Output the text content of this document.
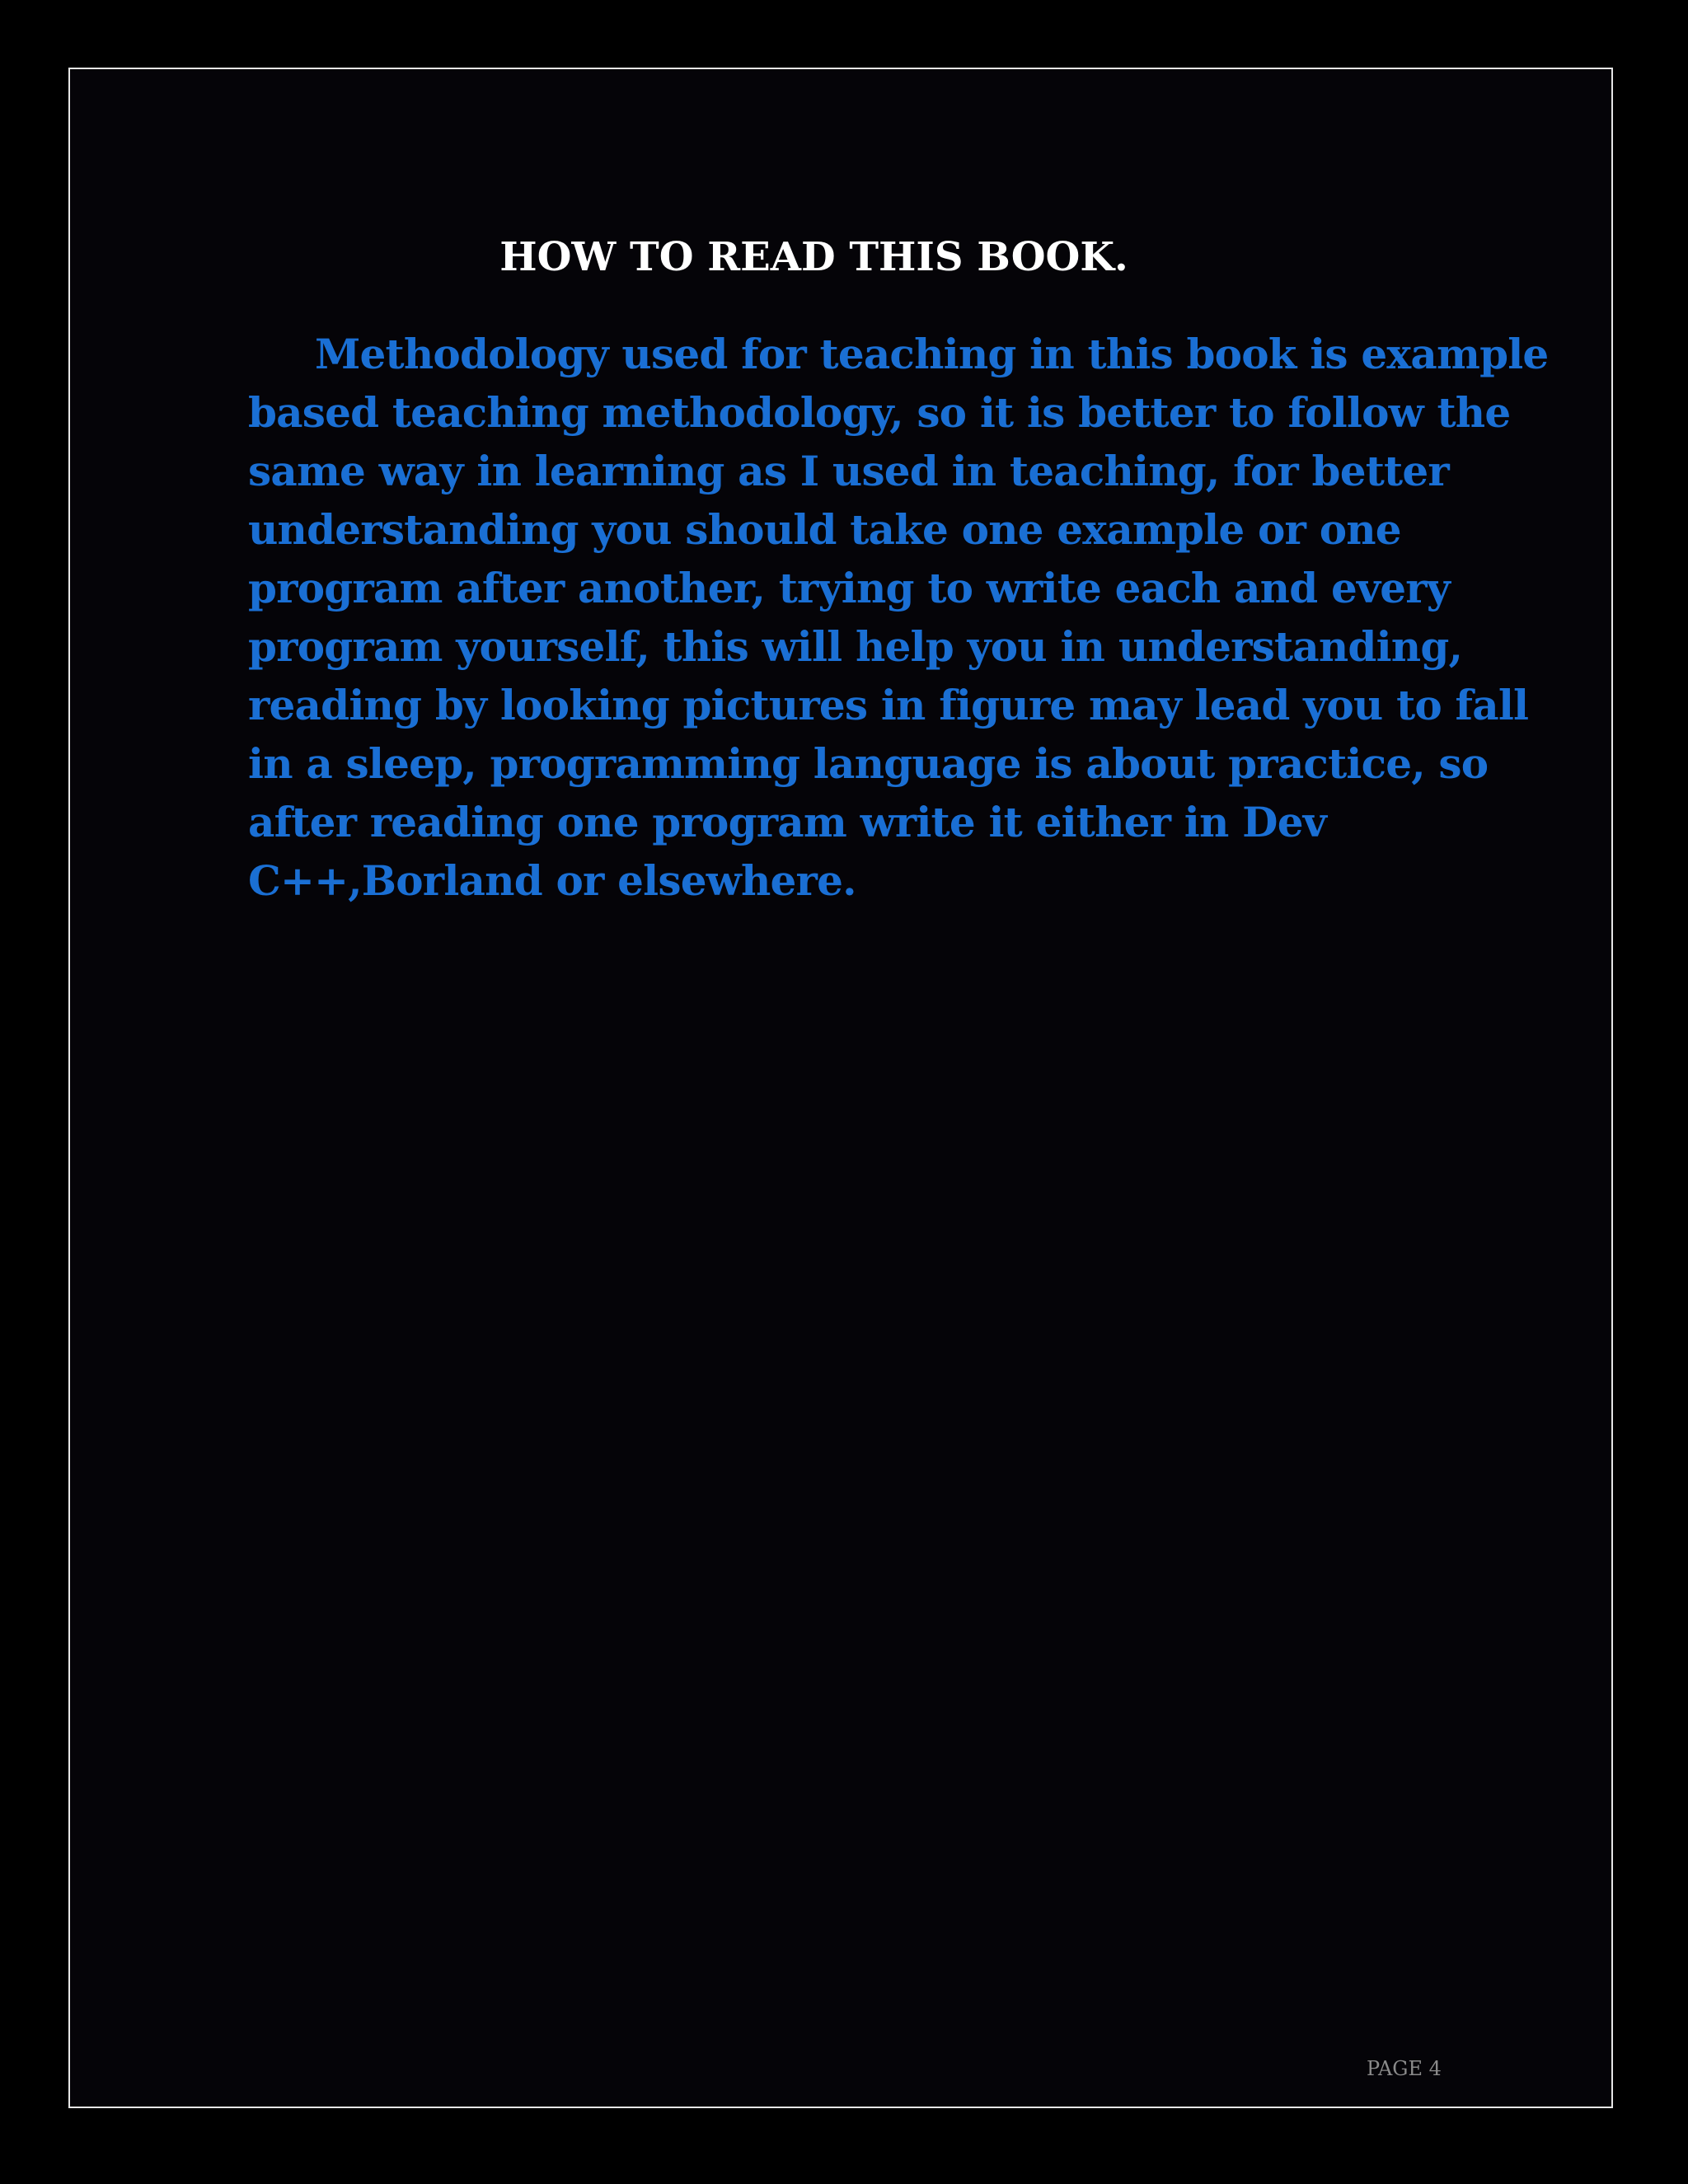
HOW TO READ THIS BOOK.
Methodology used for teaching in this book is example
based teaching methodology, so it is better to follow the
same way in learning as I used in teaching, for better
understanding you should take one example or one
program after another, trying to write each and every
program yourself, this will help you in understanding,
reading by looking pictures in figure may lead you to fall
in a sleep, programming language is about practice, so
after reading one program write it either in Dev
C++,Borland or elsewhere.
PAGE 4
